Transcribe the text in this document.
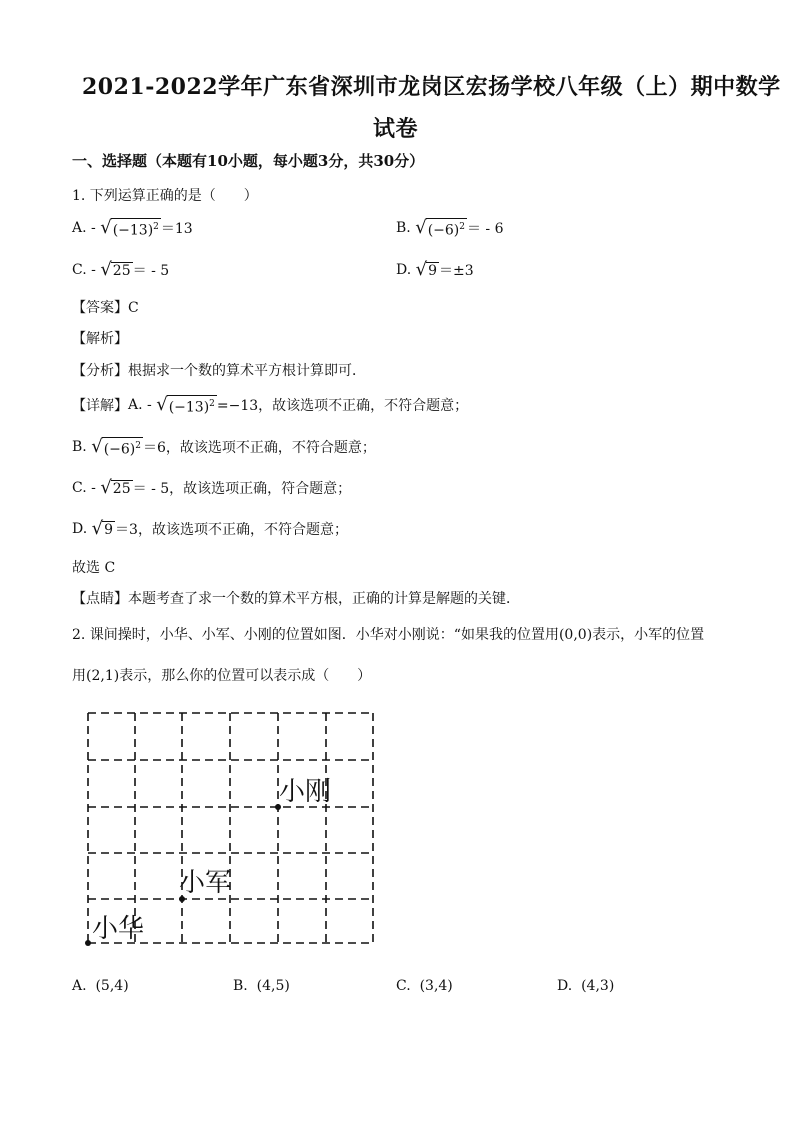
2021-2022学年广东省深圳市龙岗区宏扬学校八年级（上）期中数学
试卷
一、选择题（本题有10小题，每小题3分，共30分）
1. 下列运算正确的是（　　）
A.
-
√ $(-13)^2 =13$	B.
√ $(-6)^2$ ＝ - 6
C.
-
√ 25 ＝ - 5	D.
√ 9 ＝±3
【答案】C
【解析】
【分析】根据求一个数的算术平方根计算即可．
【详解】 A.
-
√ $(-13)^2 =-13$，故该选项不正确，不符合题意；
B.
√ $(-6)^2 =6$，故该选项不正确，不符合题意；
C.
-
√ 25 ＝ - 5，故该选项正确，符合题意；
D.
√ 9 ＝3，故该选项不正确，不符合题意；
故选 C
【点睛】本题考查了求一个数的算术平方根，正确的计算是解题的关键．
2. 课间操时，小华、小军、小刚的位置如图．小华对小刚说：“如果我的位置用(0,0)表示，小军的位置
用(2,1)表示，那么你的位置可以表示成（　　）
小华
小军
小刚
A. (5,4)	B. (4,5)	C. (3,4)	D. (4,3)
